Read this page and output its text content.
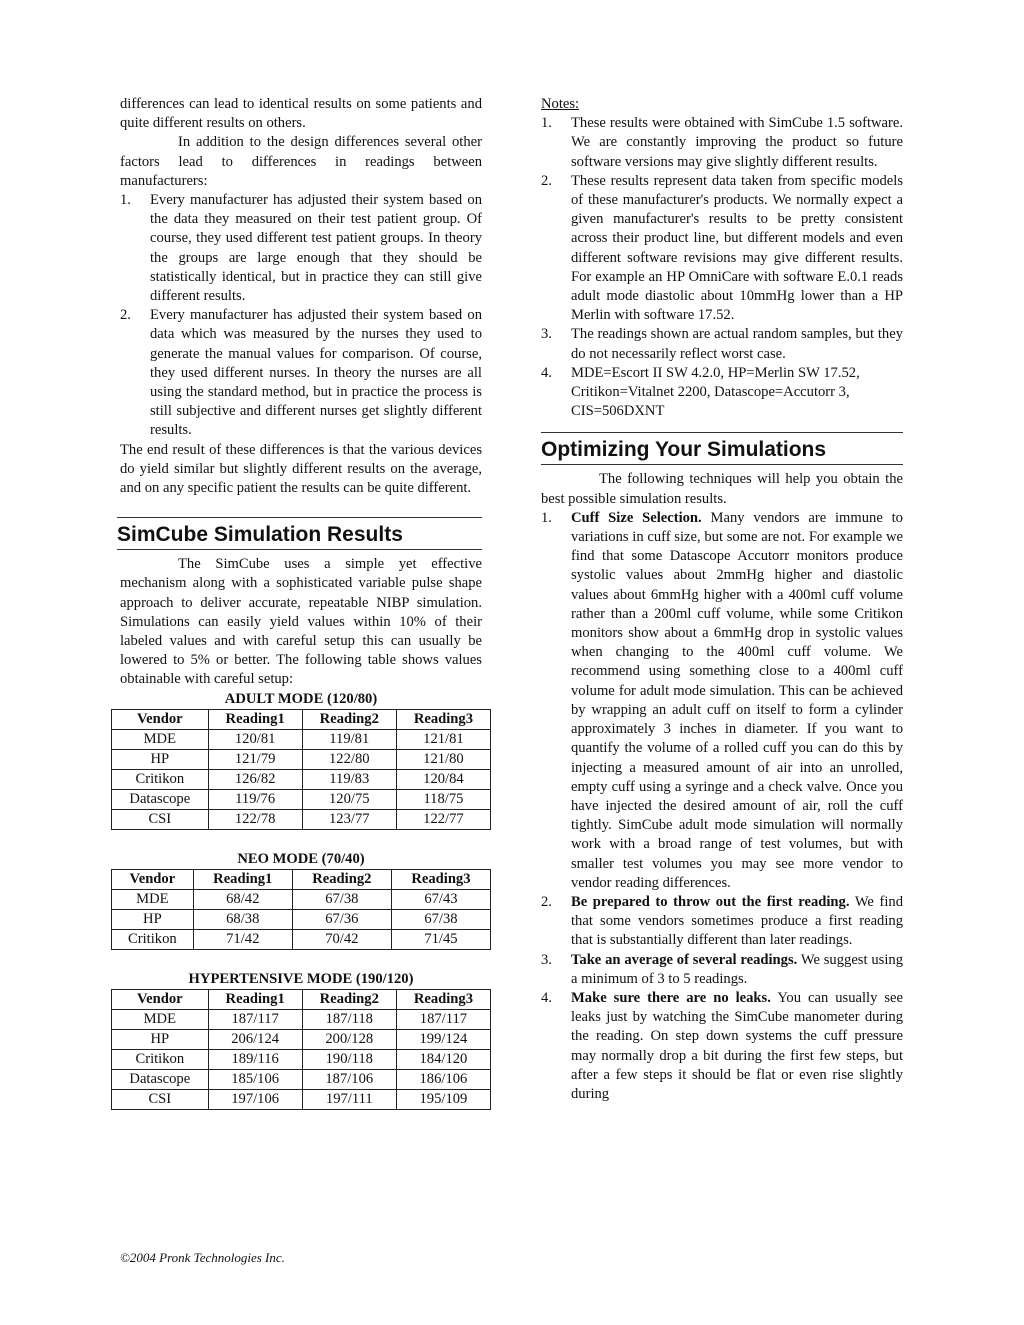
differences can lead to identical results on some patients and quite different results on others.

In addition to the design differences several other factors lead to differences in readings between manufacturers:

1. Every manufacturer has adjusted their system based on the data they measured on their test patient group. Of course, they used different test patient groups. In theory the groups are large enough that they should be statistically identical, but in practice they can still give different results.
2. Every manufacturer has adjusted their system based on data which was measured by the nurses they used to generate the manual values for comparison. Of course, they used different nurses. In theory the nurses are all using the standard method, but in practice the process is still subjective and different nurses get slightly different results.

The end result of these differences is that the various devices do yield similar but slightly different results on the average, and on any specific patient the results can be quite different.

SimCube Simulation Results

The SimCube uses a simple yet effective mechanism along with a sophisticated variable pulse shape approach to deliver accurate, repeatable NIBP simulation. Simulations can easily yield values within 10% of their labeled values and with careful setup this can usually be lowered to 5% or better. The following table shows values obtainable with careful setup:

ADULT MODE (120/80)
Vendor	Reading1	Reading2	Reading3
MDE	120/81	119/81	121/81
HP	121/79	122/80	121/80
Critikon	126/82	119/83	120/84
Datascope	119/76	120/75	118/75
CSI	122/78	123/77	122/77
NEO MODE (70/40)
Vendor	Reading1	Reading2	Reading3
MDE	68/42	67/38	67/43
HP	68/38	67/36	67/38
Critikon	71/42	70/42	71/45
HYPERTENSIVE MODE (190/120)
Vendor	Reading1	Reading2	Reading3
MDE	187/117	187/118	187/117
HP	206/124	200/128	199/124
Critikon	189/116	190/118	184/120
Datascope	185/106	187/106	186/106
CSI	197/106	197/111	195/109
Notes:
1. These results were obtained with SimCube 1.5 software. We are constantly improving the product so future software versions may give slightly different results.
2. These results represent data taken from specific models of these manufacturer's products. We normally expect a given manufacturer's results to be pretty consistent across their product line, but different models and even different software revisions may give different results. For example an HP OmniCare with software E.0.1 reads adult mode diastolic about 10mmHg lower than a HP Merlin with software 17.52.
3. The readings shown are actual random samples, but they do not necessarily reflect worst case.
4. MDE=Escort II SW 4.2.0, HP=Merlin SW 17.52, Critikon=Vitalnet 2200, Datascope=Accutorr 3, CIS=506DXNT
Optimizing Your Simulations

The following techniques will help you obtain the best possible simulation results.

1. Cuff Size Selection. Many vendors are immune to variations in cuff size, but some are not. For example we find that some Datascope Accutorr monitors produce systolic values about 2mmHg higher and diastolic values about 6mmHg higher with a 400ml cuff volume rather than a 200ml cuff volume, while some Critikon monitors show about a 6mmHg drop in systolic values when changing to the 400ml cuff volume. We recommend using something close to a 400ml cuff volume for adult mode simulation. This can be achieved by wrapping an adult cuff on itself to form a cylinder approximately 3 inches in diameter. If you want to quantify the volume of a rolled cuff you can do this by injecting a measured amount of air into an unrolled, empty cuff using a syringe and a check valve. Once you have injected the desired amount of air, roll the cuff tightly. SimCube adult mode simulation will normally work with a broad range of test volumes, but with smaller test volumes you may see more vendor to vendor reading differences.
2. Be prepared to throw out the first reading. We find that some vendors sometimes produce a first reading that is substantially different than later readings.
3. Take an average of several readings. We suggest using a minimum of 3 to 5 readings.
4. Make sure there are no leaks. You can usually see leaks just by watching the SimCube manometer during the reading. On step down systems the cuff pressure may normally drop a bit during the first few steps, but after a few steps it should be flat or even rise slightly during
©2004 Pronk Technologies Inc.
